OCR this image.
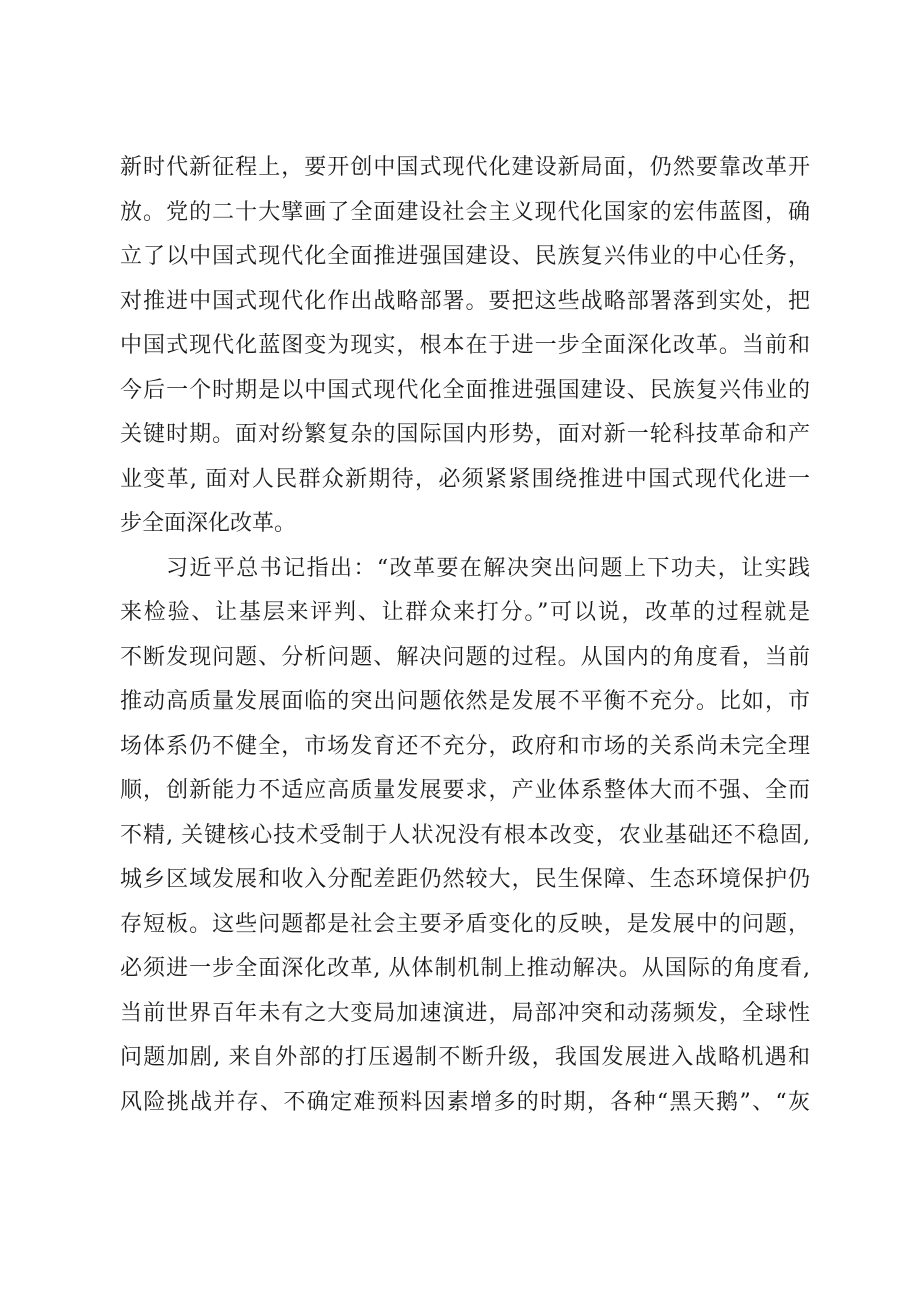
新时代新征程上，要开创中国式现代化建设新局面，仍然要靠改革开
放。党的二十大擘画了全面建设社会主义现代化国家的宏伟蓝图，确
立了以中国式现代化全面推进强国建设、民族复兴伟业的中心任务，
对推进中国式现代化作出战略部署。要把这些战略部署落到实处，把
中国式现代化蓝图变为现实，根本在于进一步全面深化改革。当前和
今后一个时期是以中国式现代化全面推进强国建设、民族复兴伟业的
关键时期。面对纷繁复杂的国际国内形势，面对新一轮科技革命和产
业变革, 面对人民群众新期待，必须紧紧围绕推进中国式现代化进一
步全面深化改革。
习近平总书记指出：“改革要在解决突出问题上下功夫，让实践
来检验、让基层来评判、让群众来打分。”可以说，改革的过程就是
不断发现问题、分析问题、解决问题的过程。从国内的角度看，当前
推动高质量发展面临的突出问题依然是发展不平衡不充分。比如，市
场体系仍不健全，市场发育还不充分，政府和市场的关系尚未完全理
顺，创新能力不适应高质量发展要求，产业体系整体大而不强、全而
不精, 关键核心技术受制于人状况没有根本改变，农业基础还不稳固,
城乡区域发展和收入分配差距仍然较大，民生保障、生态环境保护仍
存短板。这些问题都是社会主要矛盾变化的反映，是发展中的问题，
必须进一步全面深化改革, 从体制机制上推动解决。从国际的角度看,
当前世界百年未有之大变局加速演进，局部冲突和动荡频发，全球性
问题加剧, 来自外部的打压遏制不断升级，我国发展进入战略机遇和
风险挑战并存、不确定难预料因素增多的时期，各种“黑天鹅”、“灰
